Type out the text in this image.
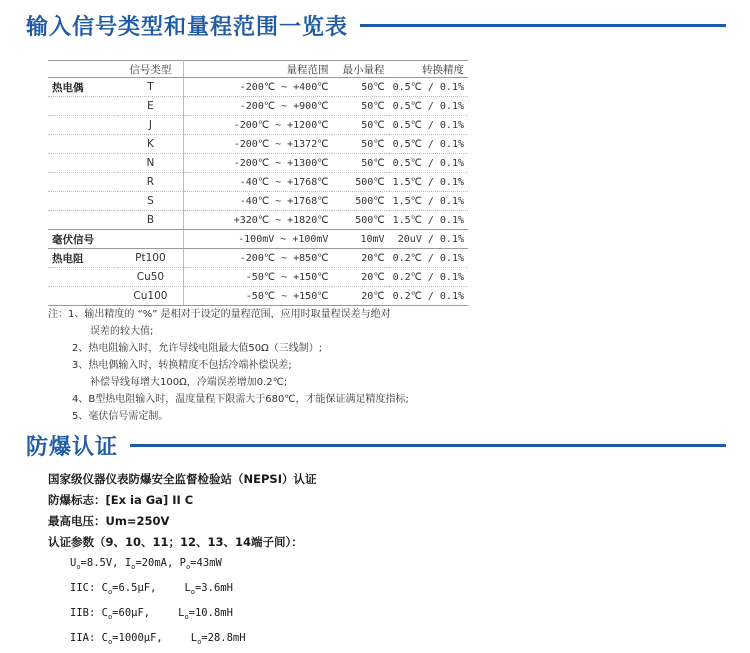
输入信号类型和量程范围一览表
	信号类型	量程范围	最小量程	转换精度
热电偶	T	-200℃ ~ +400℃	50℃	0.5℃ / 0.1%
	E	-200℃ ~ +900℃	50℃	0.5℃ / 0.1%
	J	-200℃ ~ +1200℃	50℃	0.5℃ / 0.1%
	K	-200℃ ~ +1372℃	50℃	0.5℃ / 0.1%
	N	-200℃ ~ +1300℃	50℃	0.5℃ / 0.1%
	R	-40℃ ~ +1768℃	500℃	1.5℃ / 0.1%
	S	-40℃ ~ +1768℃	500℃	1.5℃ / 0.1%
	B	+320℃ ~ +1820℃	500℃	1.5℃ / 0.1%
毫伏信号		-100mV ~ +100mV	10mV	20uV / 0.1%
热电阻	Pt100	-200℃ ~ +850℃	20℃	0.2℃ / 0.1%
	Cu50	-50℃ ~ +150℃	20℃	0.2℃ / 0.1%
	Cu100	-50℃ ~ +150℃	20℃	0.2℃ / 0.1%
注：1、输出精度的 “%” 是相对于设定的量程范围，应用时取量程误差与绝对
误差的较大值;
2、热电阻输入时，允许导线电阻最大值50Ω（三线制）;
3、热电偶输入时，转换精度不包括冷端补偿误差;
补偿导线每增大100Ω，冷端误差增加0.2℃;
4、B型热电阻输入时，温度量程下限需大于680℃，才能保证满足精度指标;
5、毫伏信号需定制。
防爆认证
国家级仪器仪表防爆安全监督检验站（NEPSI）认证
防爆标志：[Ex ia Ga] II C
最高电压：Um=250V
认证参数（9、10、11；12、13、14端子间）：
$U_o=8.5V$, $I_o=20mA$, $P_o=43mW$
IIC: $C_o=6.5\mu F$,	$L_o=3.6mH$
IIB: $C_o=60\mu F$,	$L_o=10.8mH$
IIA: $C_o=1000\mu F$,	$L_o=28.8mH$
